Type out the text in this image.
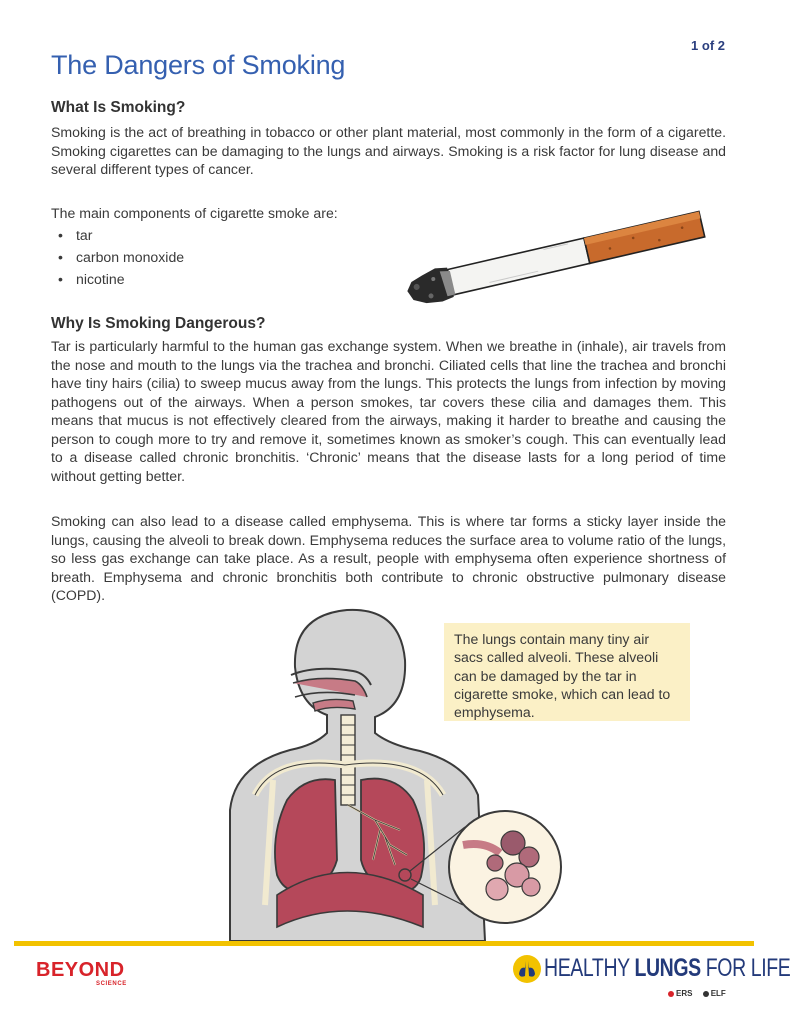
1 of 2
The Dangers of Smoking
What Is Smoking?

Smoking is the act of breathing in tobacco or other plant material, most commonly in the form of a cigarette. Smoking cigarettes can be damaging to the lungs and airways. Smoking is a risk factor for lung disease and several different types of cancer.

The main components of cigarette smoke are:

• tar
• carbon monoxide
• nicotine
Why Is Smoking Dangerous?

Tar is particularly harmful to the human gas exchange system. When we breathe in (inhale), air travels from the nose and mouth to the lungs via the trachea and bronchi. Ciliated cells that line the trachea and bronchi have tiny hairs (cilia) to sweep mucus away from the lungs. This protects the lungs from infection by moving pathogens out of the airways. When a person smokes, tar covers these cilia and damages them. This means that mucus is not effectively cleared from the airways, making it harder to breathe and causing the person to cough more to try and remove it, sometimes known as smoker’s cough. This can eventually lead to a disease called chronic bronchitis. ‘Chronic’ means that the disease lasts for a long period of time without getting better.

Smoking can also lead to a disease called emphysema. This is where tar forms a sticky layer inside the lungs, causing the alveoli to break down. Emphysema reduces the surface area to volume ratio of the lungs, so less gas exchange can take place. As a result, people with emphysema often experience shortness of breath. Emphysema and chronic bronchitis both contribute to chronic obstructive pulmonary disease (COPD).

The lungs contain many tiny air sacs called alveoli. These alveoli can be damaged by the tar in cigarette smoke, which can lead to emphysema.
BEYOND
SCIENCE
HEALTHY LUNGS FOR LIFE
ERS ELF
